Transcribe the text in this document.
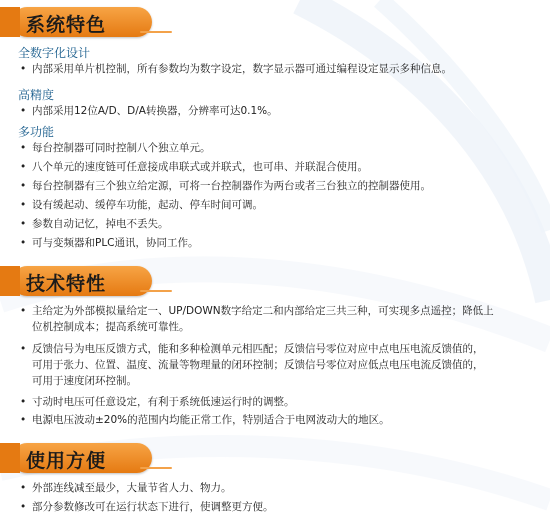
系统特色
全数字化设计
• 内部采用单片机控制，所有参数均为数字设定，数字显示器可通过编程设定显示多种信息。
高精度
• 内部采用12位A/D、D/A转换器，分辨率可达0.1%。
多功能
• 每台控制器可同时控制八个独立单元。
• 八个单元的速度链可任意接成串联式或并联式，也可串、并联混合使用。
• 每台控制器有三个独立给定源，可将一台控制器作为两台或者三台独立的控制器使用。
• 设有缓起动、缓停车功能，起动、停车时间可调。
• 参数自动记忆，掉电不丢失。
• 可与变频器和PLC通讯，协同工作。
技术特性
• 主给定为外部模拟量给定一、UP/DOWN数字给定二和内部给定三共三种，可实现多点遥控；降低上
位机控制成本；提高系统可靠性。
• 反馈信号为电压反馈方式，能和多种检测单元相匹配；反馈信号零位对应中点电压电流反馈值的，
可用于张力、位置、温度、流量等物理量的闭环控制；反馈信号零位对应低点电压电流反馈值的，
可用于速度闭环控制。
• 寸动时电压可任意设定，有利于系统低速运行时的调整。
• 电源电压波动±20%的范围内均能正常工作，特别适合于电网波动大的地区。
使用方便
• 外部连线减至最少，大量节省人力、物力。
• 部分参数修改可在运行状态下进行，使调整更方便。
